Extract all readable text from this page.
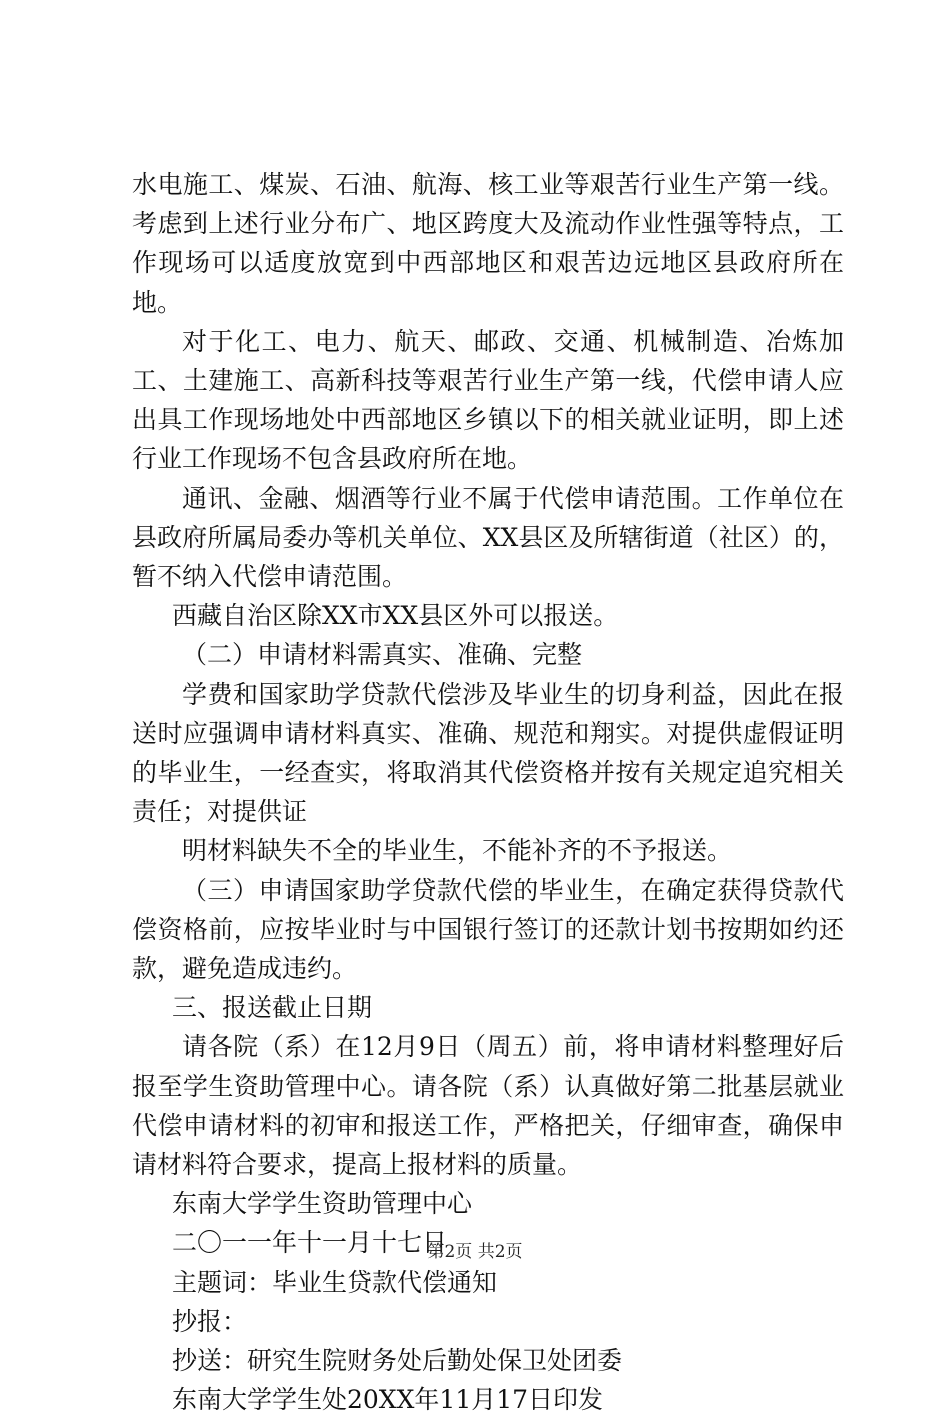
水电施工、煤炭、石油、航海、核工业等艰苦行业生产第一线。考虑到上述行业分布广、地区跨度大及流动作业性强等特点，工作现场可以适度放宽到中西部地区和艰苦边远地区县政府所在地。

对于化工、电力、航天、邮政、交通、机械制造、冶炼加工、土建施工、高新科技等艰苦行业生产第一线，代偿申请人应出具工作现场地处中西部地区乡镇以下的相关就业证明，即上述行业工作现场不包含县政府所在地。

通讯、金融、烟酒等行业不属于代偿申请范围。工作单位在县政府所属局委办等机关单位、XX县区及所辖街道（社区）的，暂不纳入代偿申请范围。

西藏自治区除XX市XX县区外可以报送。

（二）申请材料需真实、准确、完整

学费和国家助学贷款代偿涉及毕业生的切身利益，因此在报送时应强调申请材料真实、准确、规范和翔实。对提供虚假证明的毕业生，一经查实，将取消其代偿资格并按有关规定追究相关责任；对提供证

明材料缺失不全的毕业生，不能补齐的不予报送。

（三）申请国家助学贷款代偿的毕业生，在确定获得贷款代偿资格前，应按毕业时与中国银行签订的还款计划书按期如约还款，避免造成违约。

三、报送截止日期

请各院（系）在12月9日（周五）前，将申请材料整理好后报至学生资助管理中心。请各院（系）认真做好第二批基层就业代偿申请材料的初审和报送工作，严格把关，仔细审查，确保申请材料符合要求，提高上报材料的质量。

东南大学学生资助管理中心

二〇一一年十一月十七日

主题词：毕业生贷款代偿通知

抄报：

抄送：研究生院财务处后勤处保卫处团委

东南大学学生处20XX年11月17日印发

第2页 共2页
